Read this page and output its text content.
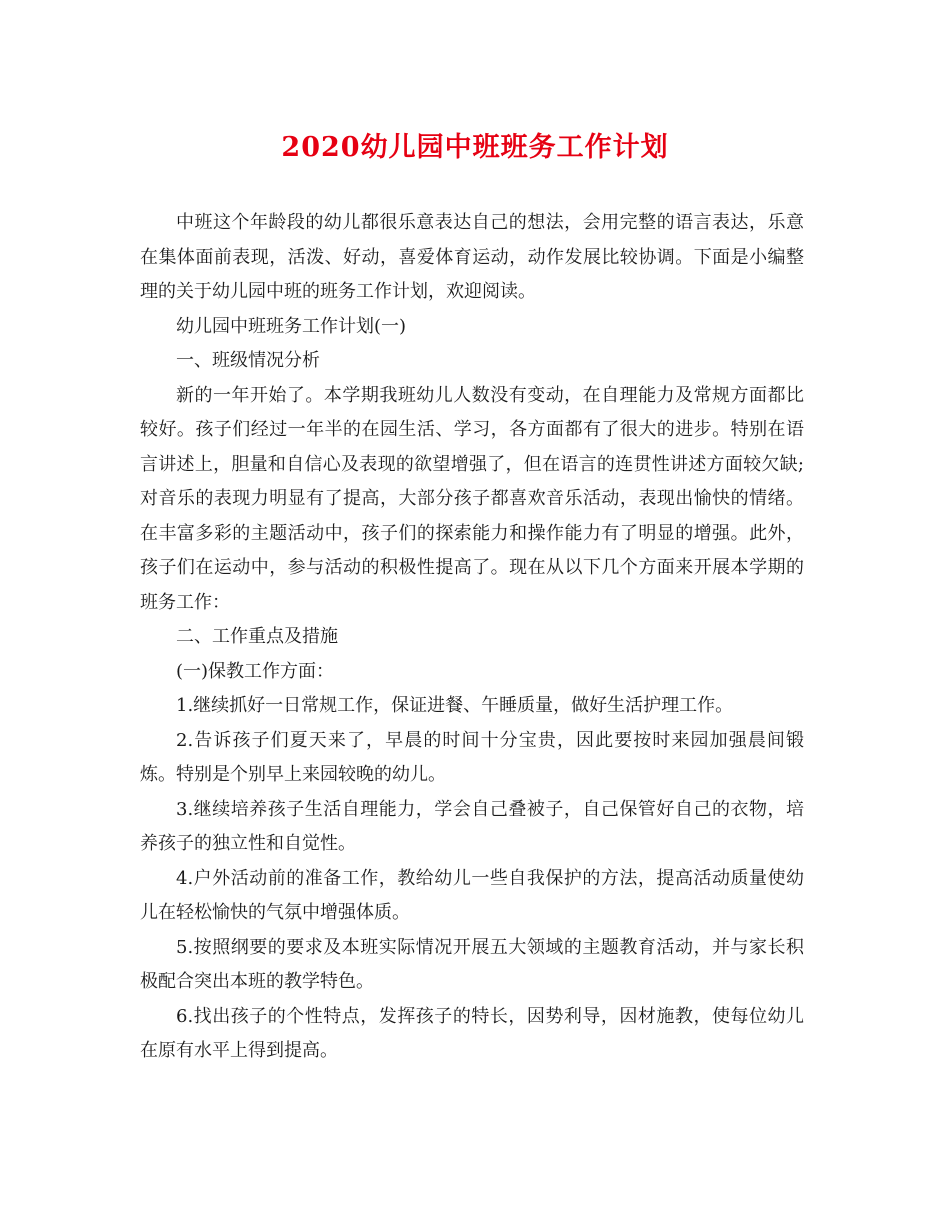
2020幼儿园中班班务工作计划

中班这个年龄段的幼儿都很乐意表达自己的想法，会用完整的语言表达，乐意在集体面前表现，活泼、好动，喜爱体育运动，动作发展比较协调。下面是小编整理的关于幼儿园中班的班务工作计划，欢迎阅读。

幼儿园中班班务工作计划(一)

一、班级情况分析

新的一年开始了。本学期我班幼儿人数没有变动，在自理能力及常规方面都比较好。孩子们经过一年半的在园生活、学习，各方面都有了很大的进步。特别在语言讲述上，胆量和自信心及表现的欲望增强了，但在语言的连贯性讲述方面较欠缺;对音乐的表现力明显有了提高，大部分孩子都喜欢音乐活动，表现出愉快的情绪。在丰富多彩的主题活动中，孩子们的探索能力和操作能力有了明显的增强。此外，孩子们在运动中，参与活动的积极性提高了。现在从以下几个方面来开展本学期的班务工作：

二、工作重点及措施

(一)保教工作方面：

1.继续抓好一日常规工作，保证进餐、午睡质量，做好生活护理工作。

2.告诉孩子们夏天来了，早晨的时间十分宝贵，因此要按时来园加强晨间锻炼。特别是个别早上来园较晚的幼儿。

3.继续培养孩子生活自理能力，学会自己叠被子，自己保管好自己的衣物，培养孩子的独立性和自觉性。

4.户外活动前的准备工作，教给幼儿一些自我保护的方法，提高活动质量使幼儿在轻松愉快的气氛中增强体质。

5.按照纲要的要求及本班实际情况开展五大领域的主题教育活动，并与家长积极配合突出本班的教学特色。

6.找出孩子的个性特点，发挥孩子的特长，因势利导，因材施教，使每位幼儿在原有水平上得到提高。
